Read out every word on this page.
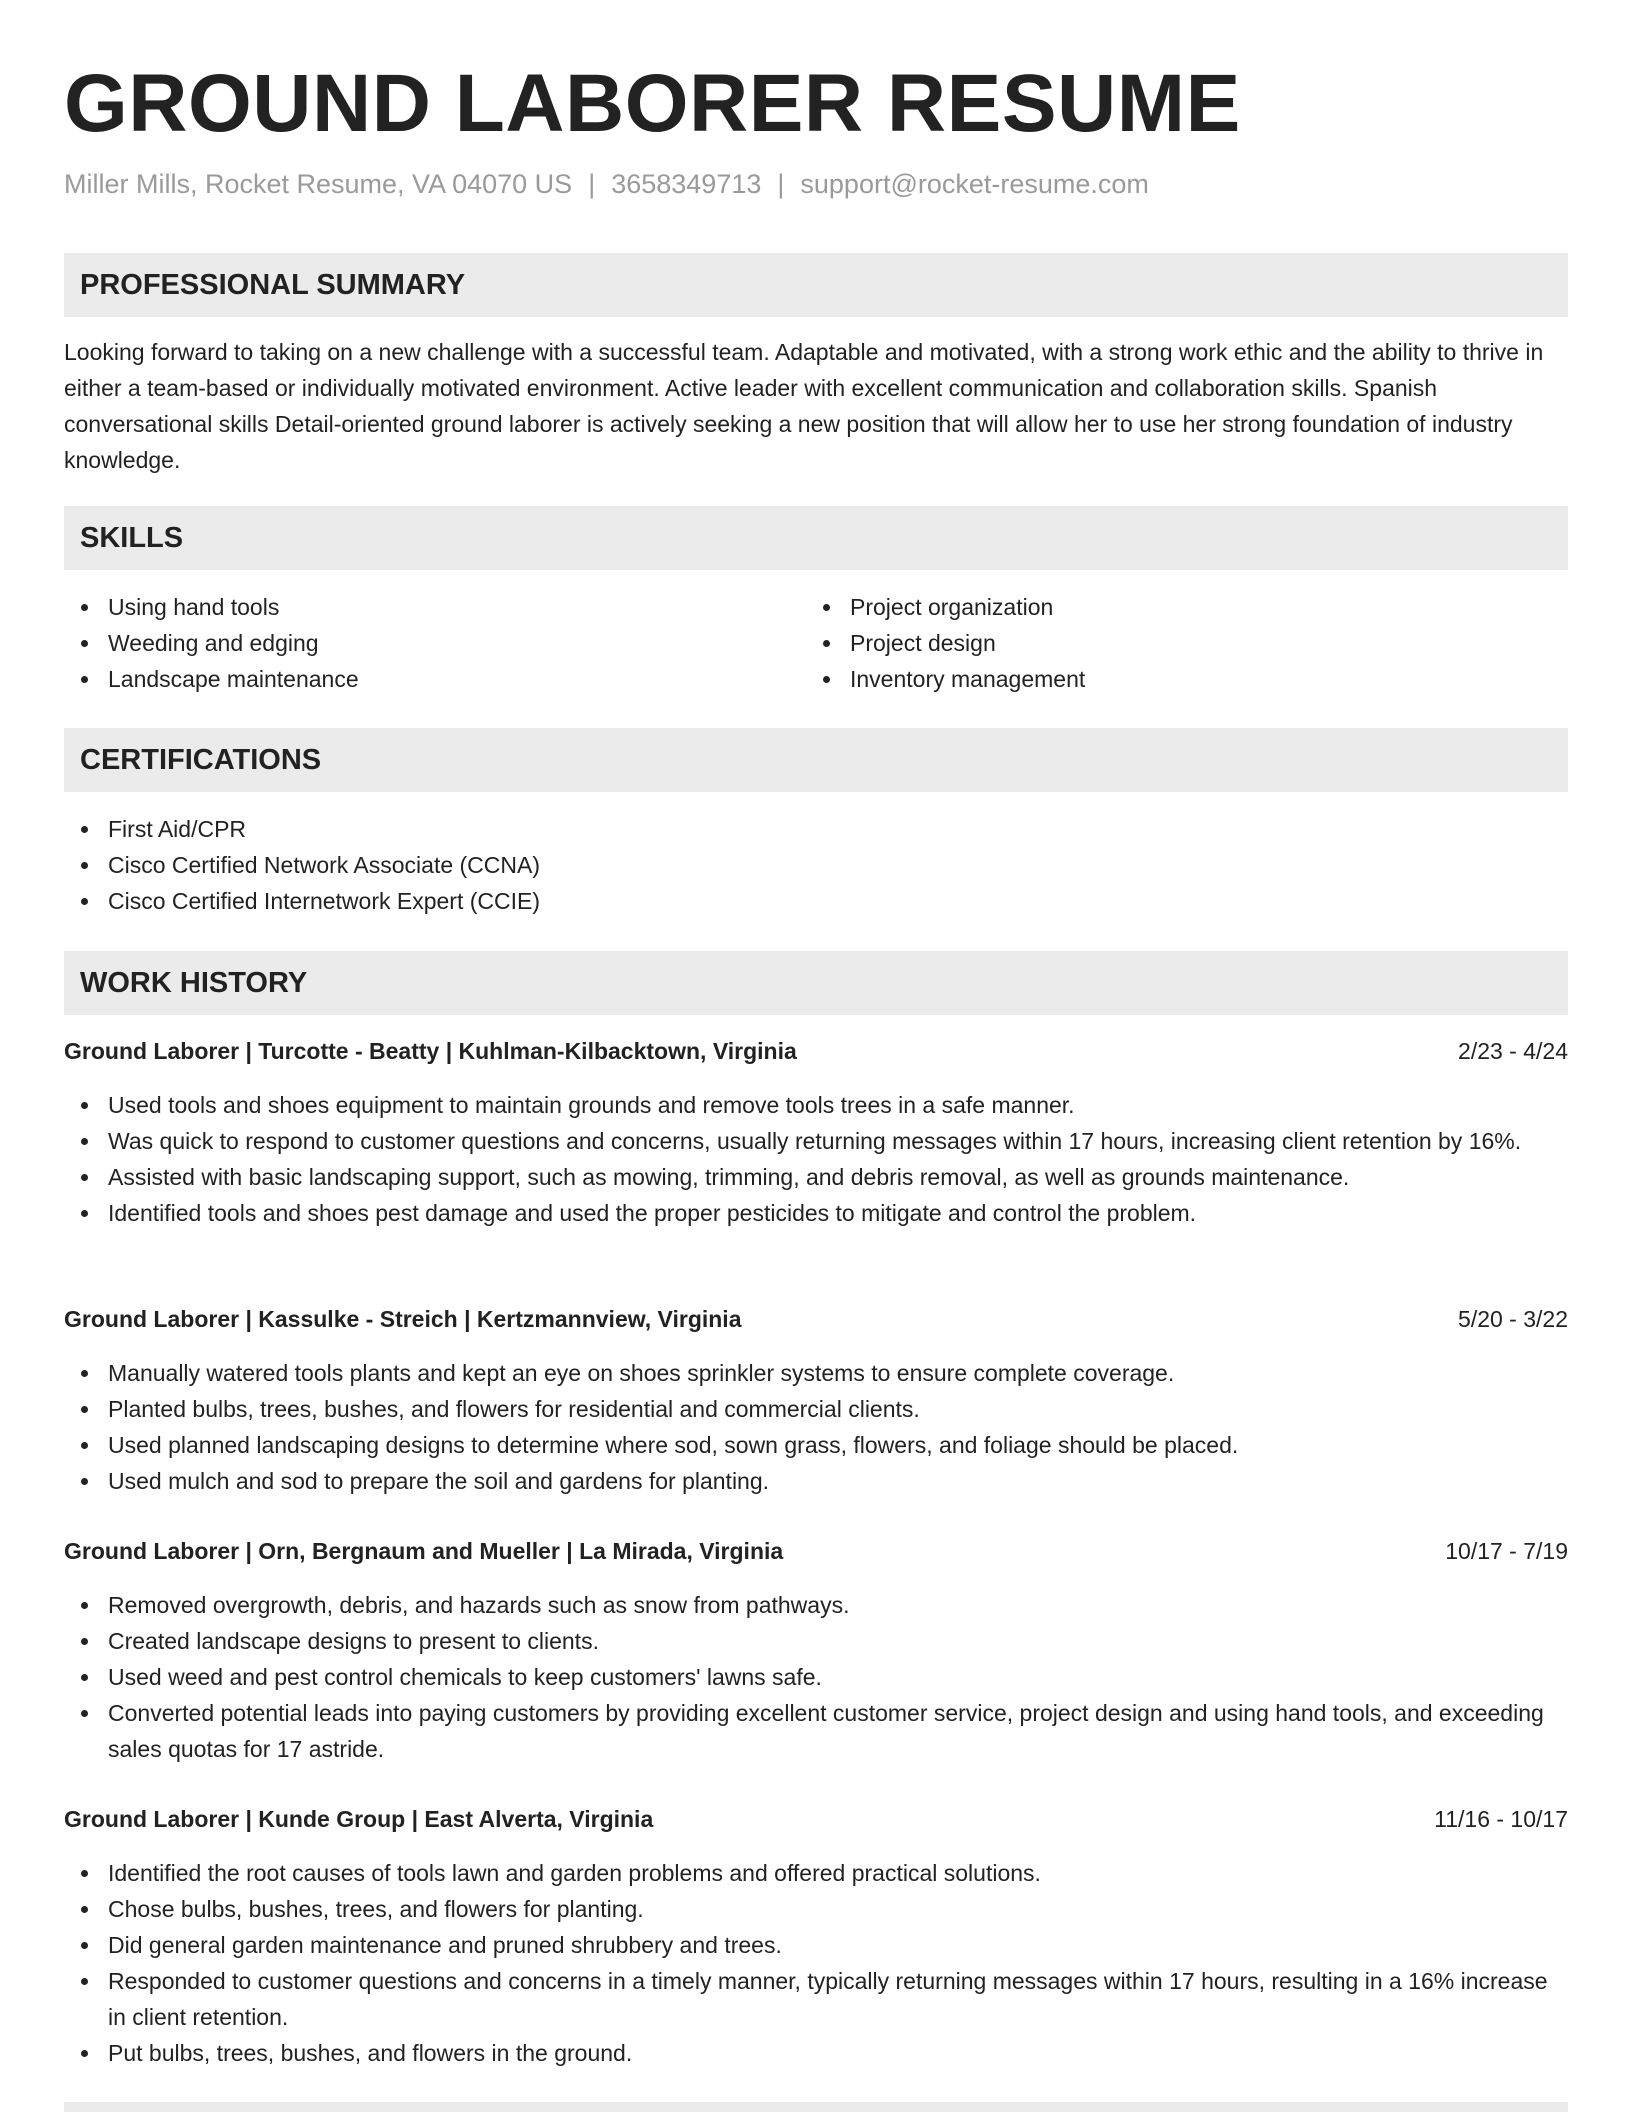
GROUND LABORER RESUME
Miller Mills, Rocket Resume, VA 04070 US | 3658349713 | support@rocket-resume.com
PROFESSIONAL SUMMARY

Looking forward to taking on a new challenge with a successful team. Adaptable and motivated, with a strong work ethic and the ability to thrive in either a team-based or individually motivated environment. Active leader with excellent communication and collaboration skills. Spanish conversational skills Detail-oriented ground laborer is actively seeking a new position that will allow her to use her strong foundation of industry knowledge.

SKILLS
Using hand tools
Weeding and edging
Landscape maintenance
Project organization
Project design
Inventory management
CERTIFICATIONS
First Aid/CPR
Cisco Certified Network Associate (CCNA)
Cisco Certified Internetwork Expert (CCIE)
WORK HISTORY
Ground Laborer | Turcotte - Beatty | Kuhlman-Kilbacktown, Virginia	2/23 - 4/24
Used tools and shoes equipment to maintain grounds and remove tools trees in a safe manner.
Was quick to respond to customer questions and concerns, usually returning messages within 17 hours, increasing client retention by 16%.
Assisted with basic landscaping support, such as mowing, trimming, and debris removal, as well as grounds maintenance.
Identified tools and shoes pest damage and used the proper pesticides to mitigate and control the problem.
Ground Laborer | Kassulke - Streich | Kertzmannview, Virginia	5/20 - 3/22
Manually watered tools plants and kept an eye on shoes sprinkler systems to ensure complete coverage.
Planted bulbs, trees, bushes, and flowers for residential and commercial clients.
Used planned landscaping designs to determine where sod, sown grass, flowers, and foliage should be placed.
Used mulch and sod to prepare the soil and gardens for planting.
Ground Laborer | Orn, Bergnaum and Mueller | La Mirada, Virginia	10/17 - 7/19
Removed overgrowth, debris, and hazards such as snow from pathways.
Created landscape designs to present to clients.
Used weed and pest control chemicals to keep customers' lawns safe.
Converted potential leads into paying customers by providing excellent customer service, project design and using hand tools, and exceeding sales quotas for 17 astride.
Ground Laborer | Kunde Group | East Alverta, Virginia	11/16 - 10/17
Identified the root causes of tools lawn and garden problems and offered practical solutions.
Chose bulbs, bushes, trees, and flowers for planting.
Did general garden maintenance and pruned shrubbery and trees.
Responded to customer questions and concerns in a timely manner, typically returning messages within 17 hours, resulting in a 16% increase in client retention.
Put bulbs, trees, bushes, and flowers in the ground.
